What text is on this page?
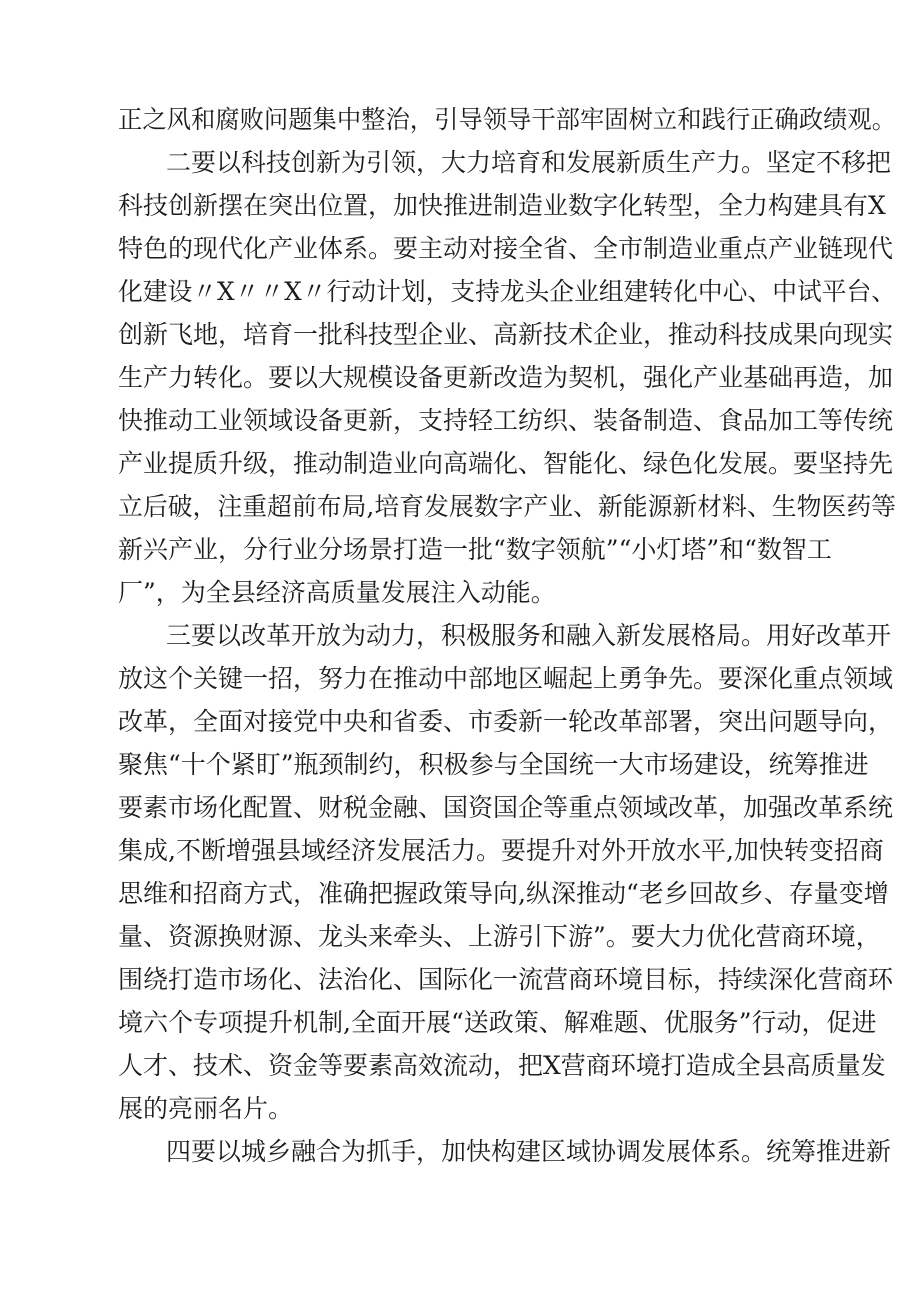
正之风和腐败问题集中整治，引导领导干部牢固树立和践行正确政绩观。
二要以科技创新为引领，大力培育和发展新质生产力。坚定不移把
科技创新摆在突出位置，加快推进制造业数字化转型，全力构建具有X
特色的现代化产业体系。要主动对接全省、全市制造业重点产业链现代
化建设〃X〃〃X〃行动计划，支持龙头企业组建转化中心、中试平台、
创新飞地，培育一批科技型企业、高新技术企业，推动科技成果向现实
生产力转化。要以大规模设备更新改造为契机，强化产业基础再造，加
快推动工业领域设备更新，支持轻工纺织、装备制造、食品加工等传统
产业提质升级，推动制造业向高端化、智能化、绿色化发展。要坚持先
立后破，注重超前布局,培育发展数字产业、新能源新材料、生物医药等
新兴产业，分行业分场景打造一批“数字领航”“小灯塔”和“数智工
厂”，为全县经济高质量发展注入动能。
三要以改革开放为动力，积极服务和融入新发展格局。用好改革开
放这个关键一招，努力在推动中部地区崛起上勇争先。要深化重点领域
改革，全面对接党中央和省委、市委新一轮改革部署，突出问题导向，
聚焦“十个紧盯”瓶颈制约，积极参与全国统一大市场建设，统筹推进
要素市场化配置、财税金融、国资国企等重点领域改革，加强改革系统
集成,不断增强县域经济发展活力。要提升对外开放水平,加快转变招商
思维和招商方式，准确把握政策导向,纵深推动“老乡回故乡、存量变增
量、资源换财源、龙头来牵头、上游引下游”。要大力优化营商环境，
围绕打造市场化、法治化、国际化一流营商环境目标，持续深化营商环
境六个专项提升机制,全面开展“送政策、解难题、优服务”行动，促进
人才、技术、资金等要素高效流动，把X营商环境打造成全县高质量发
展的亮丽名片。
四要以城乡融合为抓手，加快构建区域协调发展体系。统筹推进新
